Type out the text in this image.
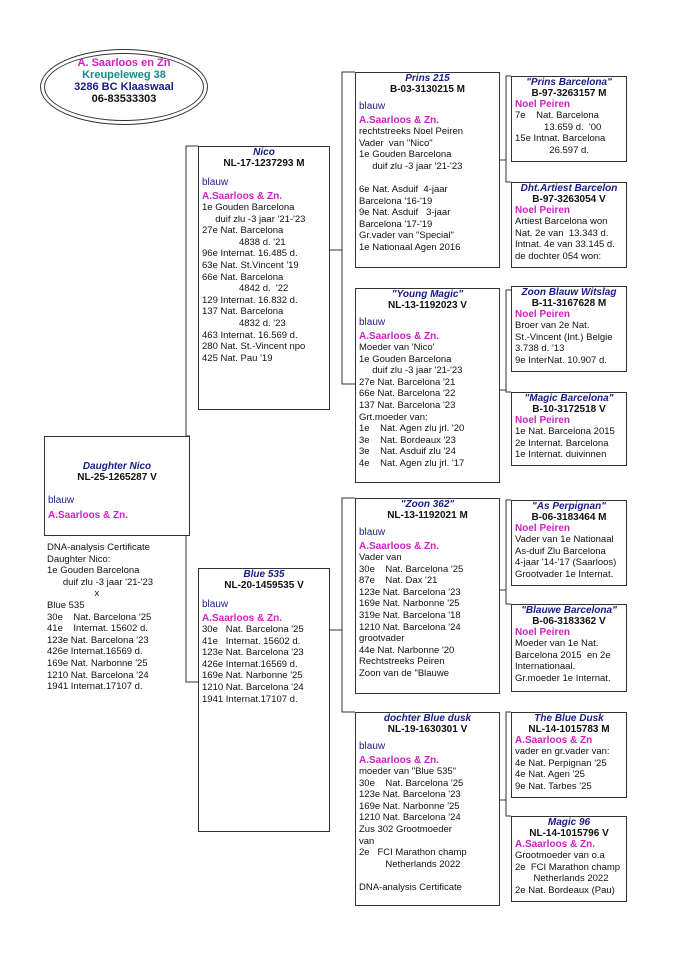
A. Saarloos en Zn
Kreupeleweg 38
3286 BC Klaaswaal
06-83533303
Daughter Nico
NL-25-1265287 V
blauw
A.Saarloos & Zn.
DNA-analysis Certificate
Daughter Nico:
1e Gouden Barcelona
duif zlu -3 jaar '21-'23
x
Blue 535
30e    Nat. Barcelona '25
41e    Internat. 15602 d.
123e Nat. Barcelona '23
426e Internat.16569 d.
169e Nat. Narbonne '25
1210 Nat. Barcelona '24
1941 Internat.17107 d.
Nico
NL-17-1237293 M
blauw
A.Saarloos & Zn.
1e Gouden Barcelona
duif zlu -3 jaar '21-'23
27e Nat. Barcelona
4838 d. '21
96e Internat. 16.485 d.
63e Nat. St.Vincent '19
66e Nat. Barcelona
4842 d.  '22
129 Internat. 16.832 d.
137 Nat. Barcelona
4832 d. '23
463 Internat. 16.569 d.
280 Nat. St.-Vincent npo
425 Nat. Pau '19
Blue 535
NL-20-1459535 V
blauw
A.Saarloos & Zn.
30e   Nat. Barcelona '25
41e   Internat. 15602 d.
123e Nat. Barcelona '23
426e Internat.16569 d.
169e Nat. Narbonne '25
1210 Nat. Barcelona '24
1941 Internat.17107 d.
Prins 215
B-03-3130215 M
blauw
A.Saarloos & Zn.
rechtstreeks Noel Peiren
Vader  van "Nico"
1e Gouden Barcelona
duif zlu -3 jaar '21-'23
6e Nat. Asduif  4-jaar
Barcelona '16-'19
9e Nat. Asduif   3-jaar
Barcelona '17-'19
Gr.vader van "Special"
1e Nationaal Agen 2016
"Young Magic"
NL-13-1192023 V
blauw
A.Saarloos & Zn.
Moeder van 'Nico'
1e Gouden Barcelona
duif zlu -3 jaar '21-'23
27e Nat. Barcelona '21
66e Nat. Barcelona '22
137 Nat. Barcelona '23
Grt.moeder van:
1e    Nat. Agen zlu jrl. '20
3e    Nat. Bordeaux '23
3e    Nat. Asduif zlu '24
4e    Nat. Agen zlu jrl. '17
"Zoon 362"
NL-13-1192021 M
blauw
A.Saarloos & Zn.
Vader van
30e    Nat. Barcelona '25
87e    Nat. Dax '21
123e Nat. Barcelona '23
169e Nat. Narbonne '25
319e Nat. Barcelona '18
1210 Nat. Barcelona '24
grootvader
44e Nat. Narbonne '20
Rechtstreeks Peiren
Zoon van de "Blauwe
dochter Blue dusk
NL-19-1630301 V
blauw
A.Saarloos & Zn.
moeder van "Blue 535"
30e    Nat. Barcelona '25
123e Nat. Barcelona '23
169e Nat. Narbonne '25
1210 Nat. Barcelona '24
Zus 302 Grootmoeder
van
2e   FCI Marathon champ
Netherlands 2022
DNA-analysis Certificate
"Prins Barcelona"
B-97-3263157 M
Noel Peiren
7e    Nat. Barcelona
13.659 d.  '00
15e Intnat. Barcelona
26.597 d.
Dht.Artiest Barcelon
B-97-3263054 V
Noel Peiren
Artiest Barcelona won
Nat. 2e van  13.343 d.
Intnat. 4e van 33.145 d.
de dochter 054 won:
Zoon Blauw Witslag
B-11-3167628 M
Noel Peiren
Broer van 2e Nat.
St.-Vincent (Int.) Belgie
3.738 d. '13
9e InterNat. 10.907 d.
"Magic Barcelona"
B-10-3172518 V
Noel Peiren
1e Nat. Barcelona 2015
2e Internat. Barcelona
1e Internat. duivinnen
"As Perpignan"
B-06-3183464 M
Noel Peiren
Vader van 1e Nationaal
As-duif Zlu Barcelona
4-jaar '14-'17 (Saarloos)
Grootvader 1e Internat.
"Blauwe Barcelona"
B-06-3183362 V
Noel Peiren
Moeder van 1e Nat.
Barcelona 2015  en 2e
Internationaal.
Gr.moeder 1e Internat.
The Blue Dusk
NL-14-1015783 M
A.Saarloos & Zn
vader en gr.vader van:
4e Nat. Perpignan '25
4e Nat. Agen '25
9e Nat. Tarbes '25
Magic 96
NL-14-1015796 V
A.Saarloos & Zn.
Grootmoeder van o.a
2e  FCI Marathon champ
Netherlands 2022
2e Nat. Bordeaux (Pau)
